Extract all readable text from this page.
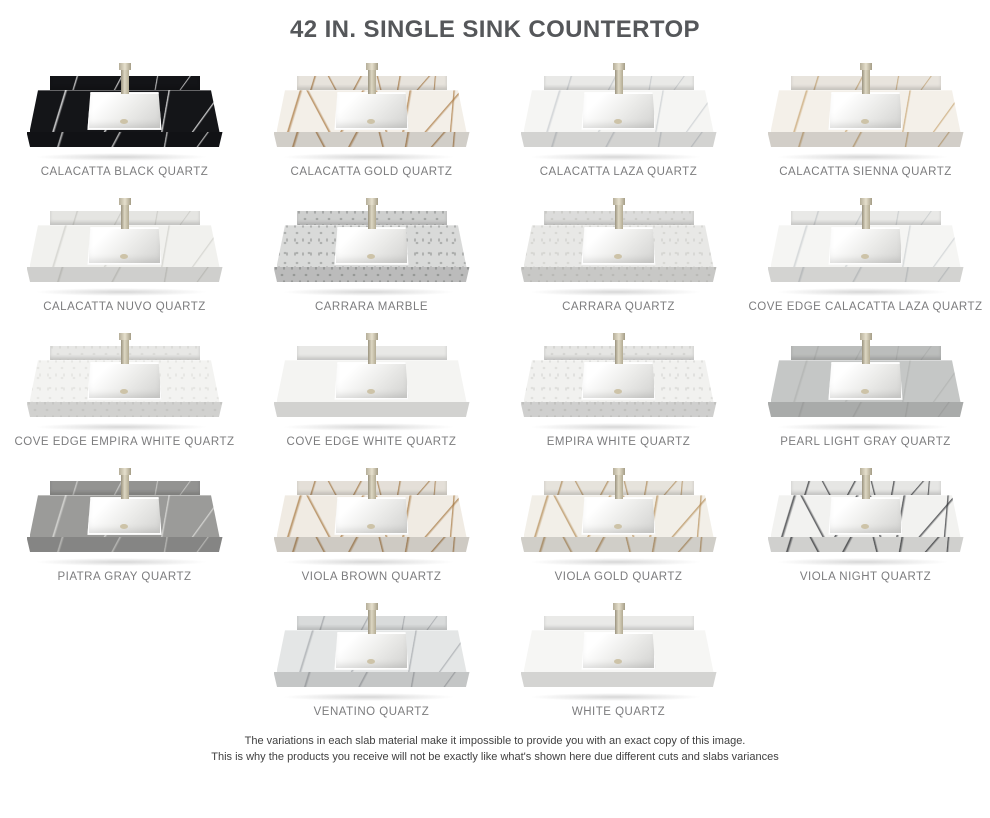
42 IN. SINGLE SINK COUNTERTOP
CALACATTA BLACK QUARTZ	CALACATTA GOLD QUARTZ	CALACATTA LAZA QUARTZ	CALACATTA SIENNA QUARTZ
CALACATTA NUVO QUARTZ	CARRARA MARBLE	CARRARA QUARTZ	COVE EDGE CALACATTA LAZA QUARTZ
COVE EDGE EMPIRA WHITE QUARTZ	COVE EDGE WHITE QUARTZ	EMPIRA WHITE QUARTZ	PEARL LIGHT GRAY QUARTZ
PIATRA GRAY QUARTZ	VIOLA BROWN QUARTZ	VIOLA GOLD QUARTZ	VIOLA NIGHT QUARTZ
VENATINO QUARTZ	WHITE QUARTZ
The variations in each slab material make it impossible to provide you with an exact copy of this image.
This is why the products you receive will not be exactly like what's shown here due different cuts and slabs variances
